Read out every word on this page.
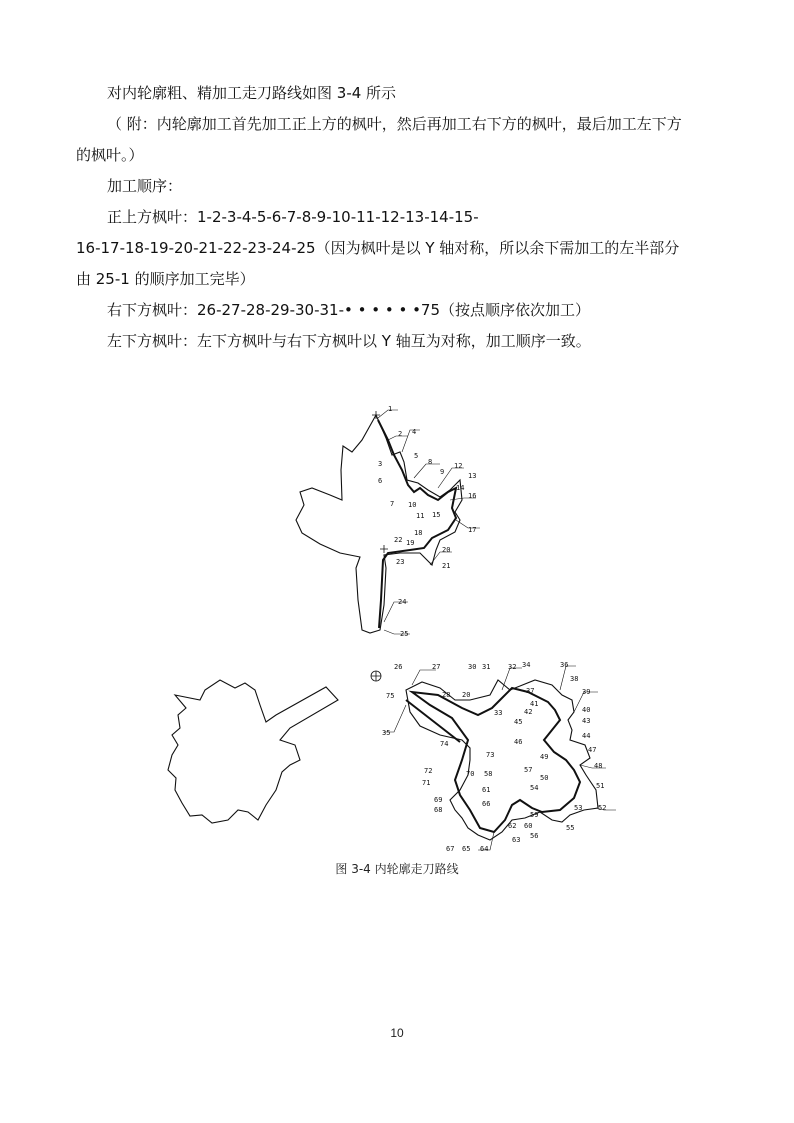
对内轮廓粗、精加工走刀路线如图 3-4 所示
（ 附：内轮廓加工首先加工正上方的枫叶，然后再加工右下方的枫叶，最后加工左下方
的枫叶。）
加工顺序：
正上方枫叶：1-2-3-4-5-6-7-8-9-10-11-12-13-14-15-
16-17-18-19-20-21-22-23-24-25（因为枫叶是以 Y 轴对称，所以余下需加工的左半部分
由 25-1 的顺序加工完毕）
右下方枫叶：26-27-28-29-30-31-• • • • • •75（按点顺序依次加工）
左下方枫叶：左下方枫叶与右下方枫叶以 Y 轴互为对称，加工顺序一致。
1
2
3
4
5
6
7
8
9
10
11
12
13
14
15
16
17
18
19
20
21
22
23
24
25
26	27
28 20
30 31	32
33
34
35
36
37
38
39
40
41
42
43
44
45
46
47
48
49
50
51
52
53
54
55
56
57
58
59
60
61
62
63
64
65
66
67
68
69
70
71
72
73
74
75
图 3-4 内轮廓走刀路线
10
